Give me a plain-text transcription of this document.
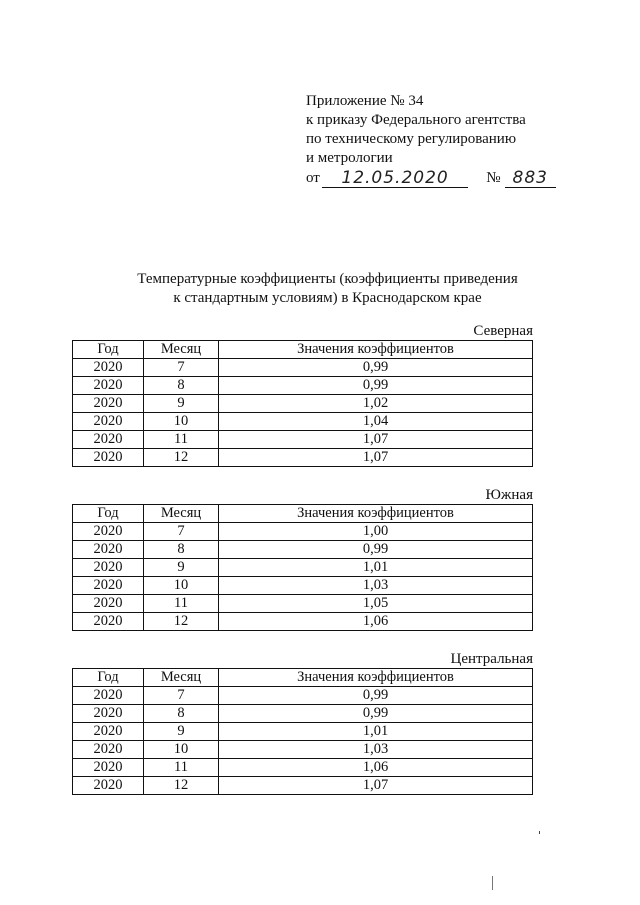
Приложение № 34
к приказу Федерального агентства
по техническому регулированию
и метрологии
от	12.05.2020	№ 883
Температурные коэффициенты (коэффициенты приведения
к стандартным условиям) в Краснодарском крае
Северная
Год	Месяц	Значения коэффициентов
2020	7	0,99
2020	8	0,99
2020	9	1,02
2020	10	1,04
2020	11	1,07
2020	12	1,07
Южная
Год	Месяц	Значения коэффициентов
2020	7	1,00
2020	8	0,99
2020	9	1,01
2020	10	1,03
2020	11	1,05
2020	12	1,06
Центральная
Год	Месяц	Значения коэффициентов
2020	7	0,99
2020	8	0,99
2020	9	1,01
2020	10	1,03
2020	11	1,06
2020	12	1,07
